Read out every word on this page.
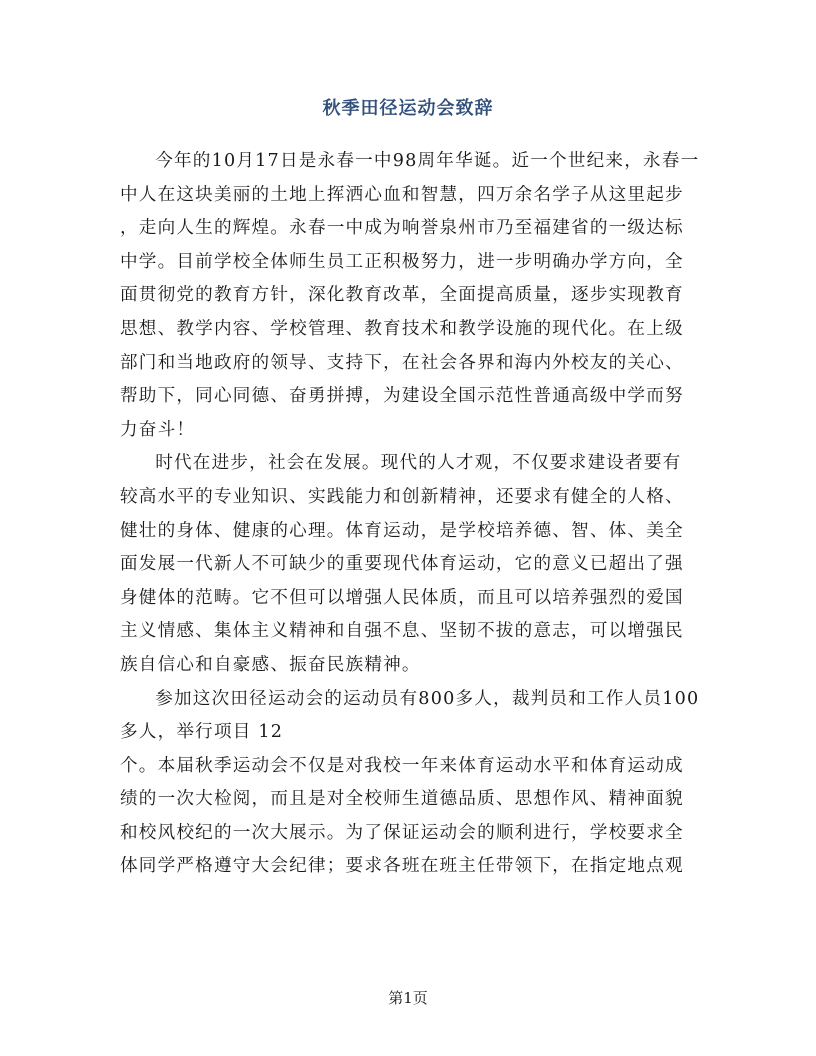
秋季田径运动会致辞
今年的10月17日是永春一中98周年华诞。近一个世纪来，永春一
中人在这块美丽的土地上挥洒心血和智慧，四万余名学子从这里起步
，走向人生的辉煌。永春一中成为响誉泉州市乃至福建省的一级达标
中学。目前学校全体师生员工正积极努力，进一步明确办学方向，全
面贯彻党的教育方针，深化教育改革，全面提高质量，逐步实现教育
思想、教学内容、学校管理、教育技术和教学设施的现代化。在上级
部门和当地政府的领导、支持下，在社会各界和海内外校友的关心、
帮助下，同心同德、奋勇拼搏，为建设全国示范性普通高级中学而努
力奋斗！
时代在进步，社会在发展。现代的人才观，不仅要求建设者要有
较高水平的专业知识、实践能力和创新精神，还要求有健全的人格、
健壮的身体、健康的心理。体育运动，是学校培养德、智、体、美全
面发展一代新人不可缺少的重要现代体育运动，它的意义已超出了强
身健体的范畴。它不但可以增强人民体质，而且可以培养强烈的爱国
主义情感、集体主义精神和自强不息、坚韧不拔的意志，可以增强民
族自信心和自豪感、振奋民族精神。
参加这次田径运动会的运动员有800多人，裁判员和工作人员100
多人，举行项目 12
个。本届秋季运动会不仅是对我校一年来体育运动水平和体育运动成
绩的一次大检阅，而且是对全校师生道德品质、思想作风、精神面貌
和校风校纪的一次大展示。为了保证运动会的顺利进行，学校要求全
体同学严格遵守大会纪律；要求各班在班主任带领下，在指定地点观
第1页
